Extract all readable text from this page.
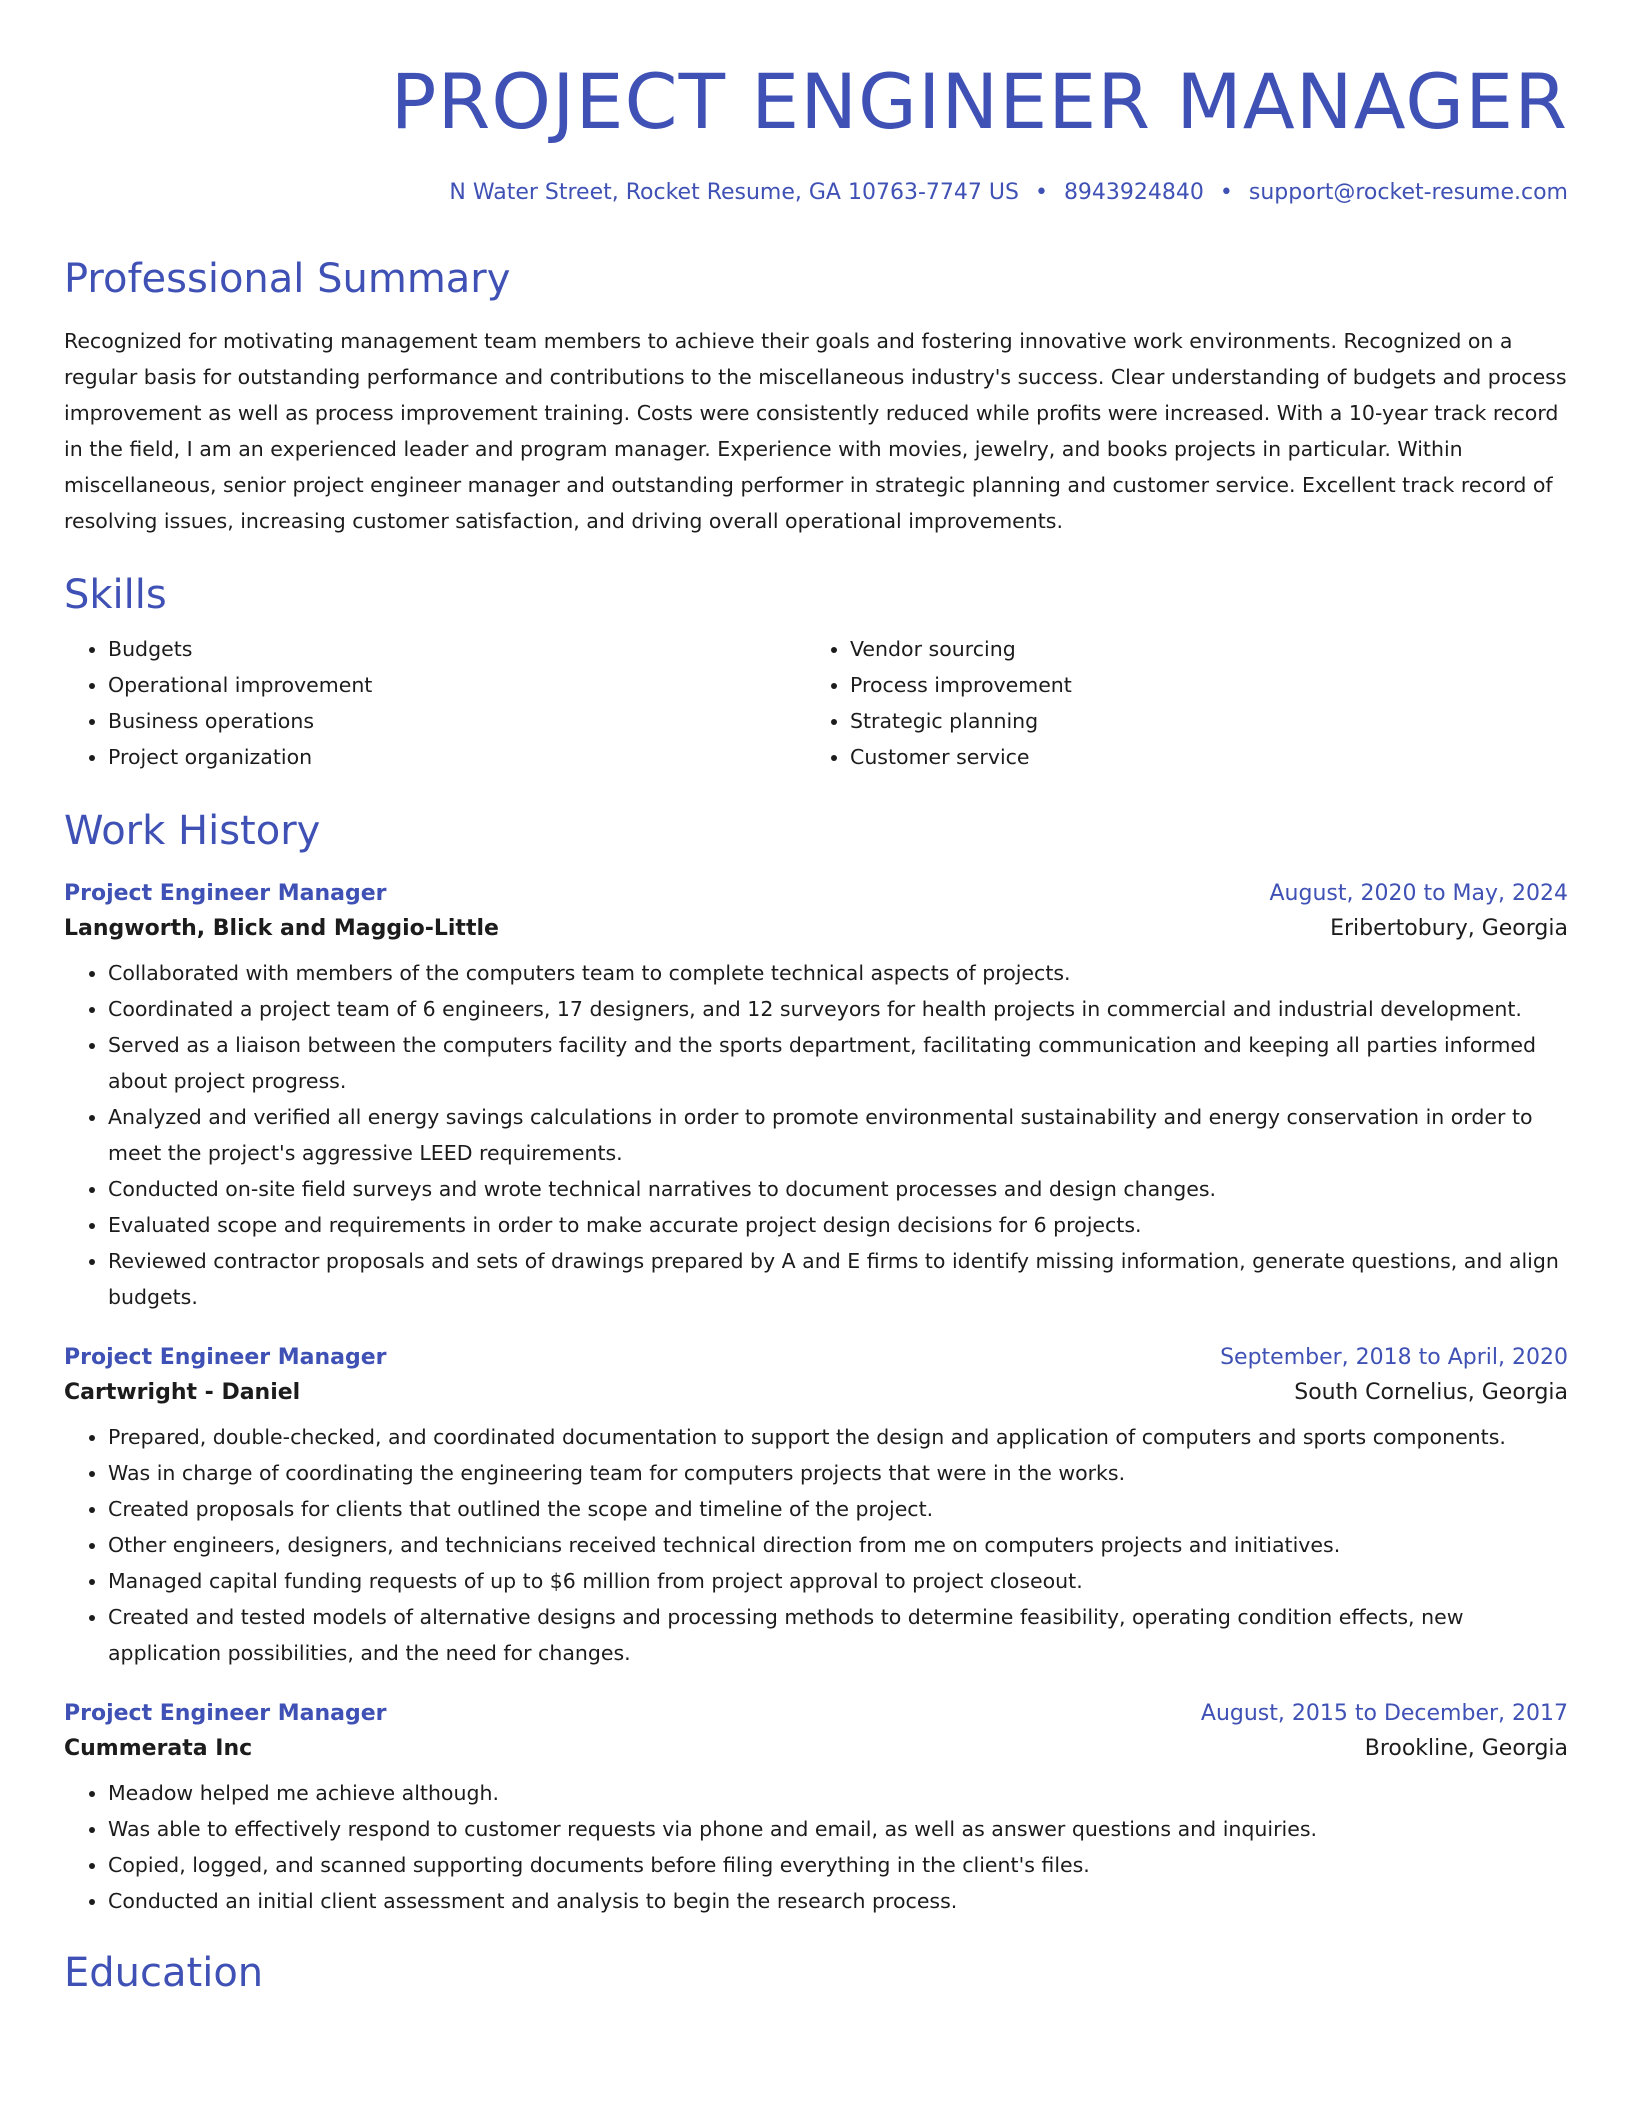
PROJECT ENGINEER MANAGER
N Water Street, Rocket Resume, GA 10763-7747 US • 8943924840 • support@rocket-resume.com
Professional Summary
Recognized for motivating management team members to achieve their goals and fostering innovative work environments. Recognized on a regular basis for outstanding performance and contributions to the miscellaneous industry's success. Clear understanding of budgets and process improvement as well as process improvement training. Costs were consistently reduced while profits were increased. With a 10-year track record in the field, I am an experienced leader and program manager. Experience with movies, jewelry, and books projects in particular. Within miscellaneous, senior project engineer manager and outstanding performer in strategic planning and customer service. Excellent track record of resolving issues, increasing customer satisfaction, and driving overall operational improvements.
Skills
• Budgets
• Operational improvement
• Business operations
• Project organization
• Vendor sourcing
• Process improvement
• Strategic planning
• Customer service
Work History
Project Engineer Manager	August, 2020 to May, 2024
Langworth, Blick and Maggio-Little	Eribertobury, Georgia
• Collaborated with members of the computers team to complete technical aspects of projects.
• Coordinated a project team of 6 engineers, 17 designers, and 12 surveyors for health projects in commercial and industrial development.
• Served as a liaison between the computers facility and the sports department, facilitating communication and keeping all parties informed about project progress.
• Analyzed and verified all energy savings calculations in order to promote environmental sustainability and energy conservation in order to meet the project's aggressive LEED requirements.
• Conducted on-site field surveys and wrote technical narratives to document processes and design changes.
• Evaluated scope and requirements in order to make accurate project design decisions for 6 projects.
• Reviewed contractor proposals and sets of drawings prepared by A and E firms to identify missing information, generate questions, and align budgets.
Project Engineer Manager	September, 2018 to April, 2020
Cartwright - Daniel	South Cornelius, Georgia
• Prepared, double-checked, and coordinated documentation to support the design and application of computers and sports components.
• Was in charge of coordinating the engineering team for computers projects that were in the works.
• Created proposals for clients that outlined the scope and timeline of the project.
• Other engineers, designers, and technicians received technical direction from me on computers projects and initiatives.
• Managed capital funding requests of up to $6 million from project approval to project closeout.
• Created and tested models of alternative designs and processing methods to determine feasibility, operating condition effects, new application possibilities, and the need for changes.
Project Engineer Manager	August, 2015 to December, 2017
Cummerata Inc	Brookline, Georgia
• Meadow helped me achieve although.
• Was able to effectively respond to customer requests via phone and email, as well as answer questions and inquiries.
• Copied, logged, and scanned supporting documents before filing everything in the client's files.
• Conducted an initial client assessment and analysis to begin the research process.
Education
